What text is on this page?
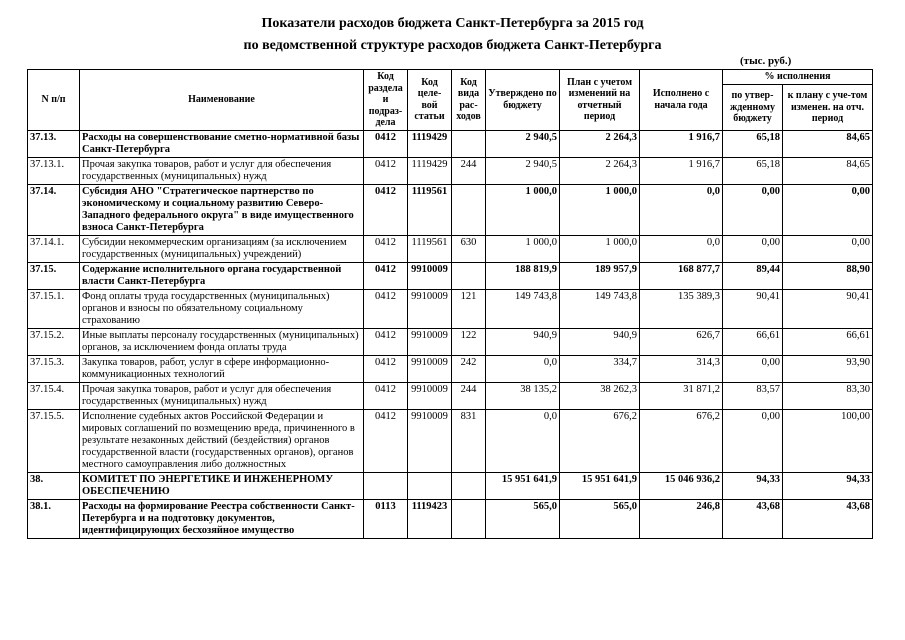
Показатели расходов бюджета Санкт-Петербурга за 2015 год
по ведомственной структуре расходов бюджета Санкт-Петербурга
(тыс. руб.)
N п/п	Наименование	Код раздела и подраз-дела	Код целе-вой статьи	Код вида рас-ходов	Утверждено по бюджету	План с учетом изменений на отчетный период	Исполнено с начала года	% исполнения	
								по утвер-жденному бюджету	к плану с уче-том изменен. на отч. период
37.13.	Расходы на совершенствование сметно-нормативной базы Санкт-Петербурга	0412	1119429		2 940,5	2 264,3	1 916,7	65,18	84,65
37.13.1.	Прочая закупка товаров, работ и услуг для обеспечения государственных (муниципальных) нужд	0412	1119429	244	2 940,5	2 264,3	1 916,7	65,18	84,65
37.14.	Субсидия АНО "Стратегическое партнерство по экономическому и социальному развитию Северо-Западного федерального округа" в виде имущественного взноса Санкт-Петербурга	0412	1119561		1 000,0	1 000,0	0,0	0,00	0,00
37.14.1.	Субсидии некоммерческим организациям (за исключением государственных (муниципальных) учреждений)	0412	1119561	630	1 000,0	1 000,0	0,0	0,00	0,00
37.15.	Содержание исполнительного органа государственной власти Санкт-Петербурга	0412	9910009		188 819,9	189 957,9	168 877,7	89,44	88,90
37.15.1.	Фонд оплаты труда государственных (муниципальных) органов и взносы по обязательному социальному страхованию	0412	9910009	121	149 743,8	149 743,8	135 389,3	90,41	90,41
37.15.2.	Иные выплаты персоналу государственных (муниципальных) органов, за исключением фонда оплаты труда	0412	9910009	122	940,9	940,9	626,7	66,61	66,61
37.15.3.	Закупка товаров, работ, услуг в сфере информационно-коммуникационных технологий	0412	9910009	242	0,0	334,7	314,3	0,00	93,90
37.15.4.	Прочая закупка товаров, работ и услуг для обеспечения государственных (муниципальных) нужд	0412	9910009	244	38 135,2	38 262,3	31 871,2	83,57	83,30
37.15.5.	Исполнение судебных актов Российской Федерации и мировых соглашений по возмещению вреда, причиненного в результате незаконных действий (бездействия) органов государственной власти (государственных органов), органов местного самоуправления либо должностных	0412	9910009	831	0,0	676,2	676,2	0,00	100,00
38.	КОМИТЕТ ПО ЭНЕРГЕТИКЕ И ИНЖЕНЕРНОМУ ОБЕСПЕЧЕНИЮ				15 951 641,9	15 951 641,9	15 046 936,2	94,33	94,33
38.1.	Расходы на формирование Реестра собственности Санкт-Петербурга и на подготовку документов, идентифицирующих бесхозяйное имущество	0113	1119423		565,0	565,0	246,8	43,68	43,68
